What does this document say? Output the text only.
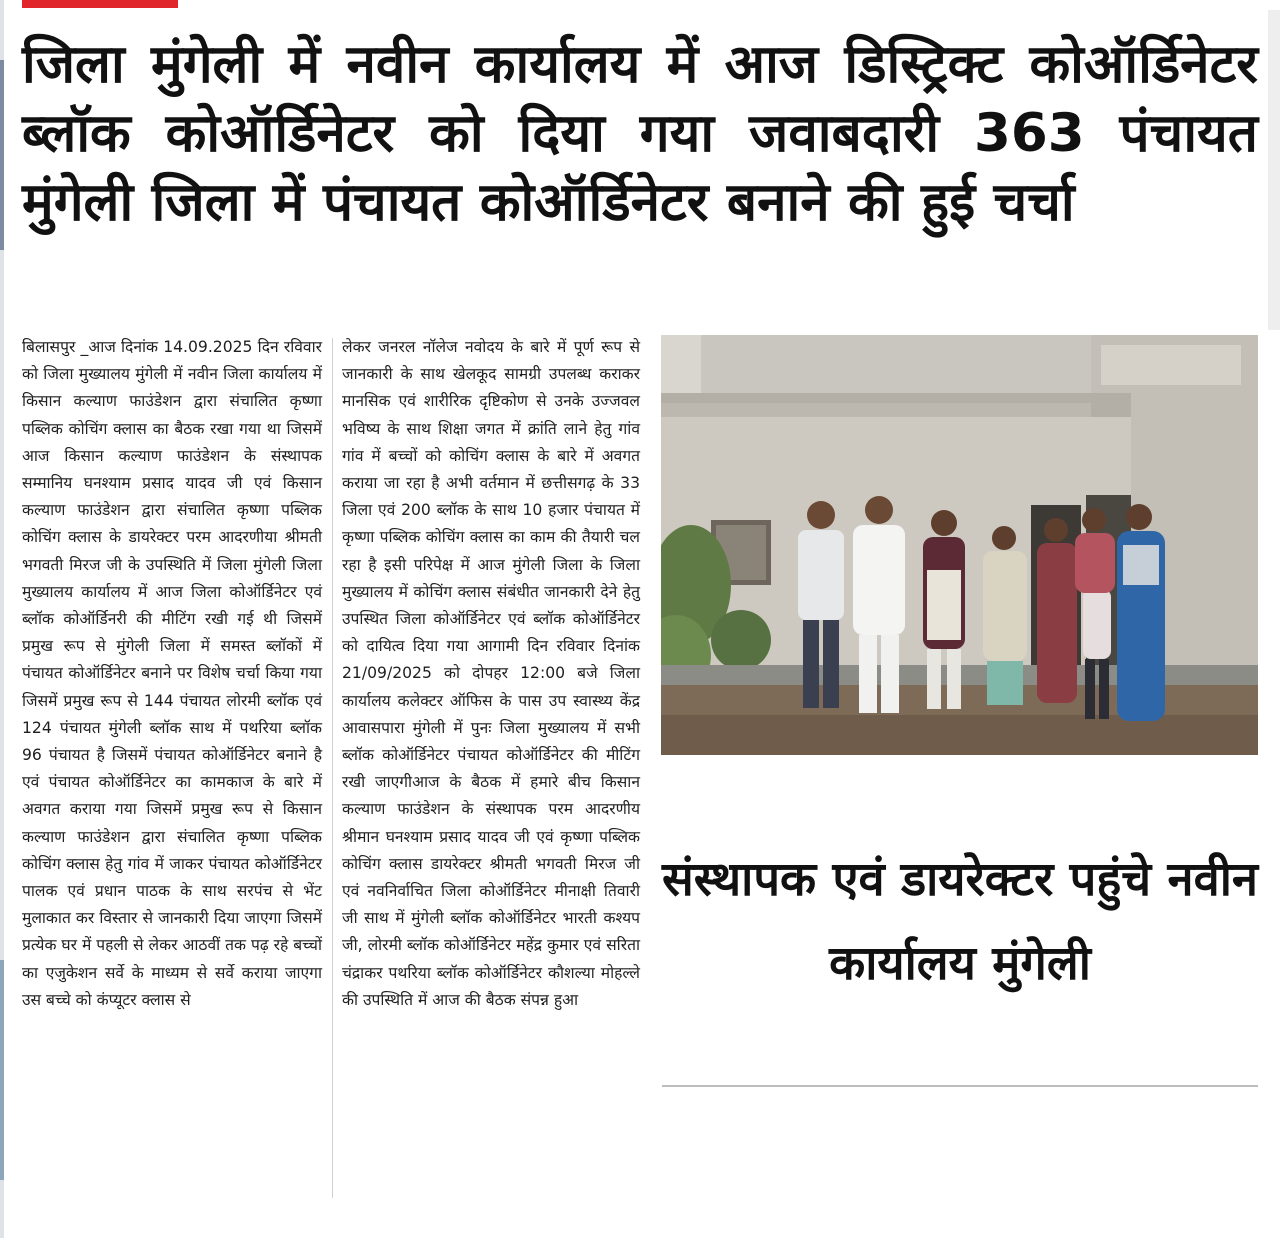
जिला मुंगेली में नवीन कार्यालय में आज डिस्ट्रिक्ट कोऑर्डिनेटर ब्लॉक कोऑर्डिनेटर को दिया गया जवाबदारी 363 पंचायत मुंगेली जिला में पंचायत कोऑर्डिनेटर बनाने की हुई चर्चा

बिलासपुर _आज दिनांक 14.09.2025 दिन रविवार को जिला मुख्यालय मुंगेली में नवीन जिला कार्यालय में किसान कल्याण फाउंडेशन द्वारा संचालित कृष्णा पब्लिक कोचिंग क्लास का बैठक रखा गया था जिसमें आज किसान कल्याण फाउंडेशन के संस्थापक सम्मानिय घनश्याम प्रसाद यादव जी एवं किसान कल्याण फाउंडेशन द्वारा संचालित कृष्णा पब्लिक कोचिंग क्लास के डायरेक्टर परम आदरणीया श्रीमती भगवती मिरज जी के उपस्थिति में जिला मुंगेली जिला मुख्यालय कार्यालय में आज जिला कोऑर्डिनेटर एवं ब्लॉक कोऑर्डिनरी की मीटिंग रखी गई थी जिसमें प्रमुख रूप से मुंगेली जिला में समस्त ब्लॉकों में पंचायत कोऑर्डिनेटर बनाने पर विशेष चर्चा किया गया जिसमें प्रमुख रूप से 144 पंचायत लोरमी ब्लॉक एवं 124 पंचायत मुंगेली ब्लॉक साथ में पथरिया ब्लॉक 96 पंचायत है जिसमें पंचायत कोऑर्डिनेटर बनाने है एवं पंचायत कोऑर्डिनेटर का कामकाज के बारे में अवगत कराया गया जिसमें प्रमुख रूप से किसान कल्याण फाउंडेशन द्वारा संचालित कृष्णा पब्लिक कोचिंग क्लास हेतु गांव में जाकर पंचायत कोऑर्डिनेटर पालक एवं प्रधान पाठक के साथ सरपंच से भेंट मुलाकात कर विस्तार से जानकारी दिया जाएगा जिसमें प्रत्येक घर में पहली से लेकर आठवीं तक पढ़ रहे बच्चों का एजुकेशन सर्वे के माध्यम से सर्वे कराया जाएगा उस बच्चे को कंप्यूटर क्लास से

लेकर जनरल नॉलेज नवोदय के बारे में पूर्ण रूप से जानकारी के साथ खेलकूद सामग्री उपलब्ध कराकर मानसिक एवं शारीरिक दृष्टिकोण से उनके उज्जवल भविष्य के साथ शिक्षा जगत में क्रांति लाने हेतु गांव गांव में बच्चों को कोचिंग क्लास के बारे में अवगत कराया जा रहा है अभी वर्तमान में छत्तीसगढ़ के 33 जिला एवं 200 ब्लॉक के साथ 10 हजार पंचायत में कृष्णा पब्लिक कोचिंग क्लास का काम की तैयारी चल रहा है इसी परिपेक्ष में आज मुंगेली जिला के जिला मुख्यालय में कोचिंग क्लास संबंधीत जानकारी देने हेतु उपस्थित जिला कोऑर्डिनेटर एवं ब्लॉक कोऑर्डिनेटर को दायित्व दिया गया आगामी दिन रविवार दिनांक 21/09/2025 को दोपहर 12:00 बजे जिला कार्यालय कलेक्टर ऑफिस के पास उप स्वास्थ्य केंद्र आवासपारा मुंगेली में पुनः जिला मुख्यालय में सभी ब्लॉक कोऑर्डिनेटर पंचायत कोऑर्डिनेटर की मीटिंग रखी जाएगीआज के बैठक में हमारे बीच किसान कल्याण फाउंडेशन के संस्थापक परम आदरणीय श्रीमान घनश्याम प्रसाद यादव जी एवं कृष्णा पब्लिक कोचिंग क्लास डायरेक्टर श्रीमती भगवती मिरज जी एवं नवनिर्वाचित जिला कोऑर्डिनेटर मीनाक्षी तिवारी जी साथ में मुंगेली ब्लॉक कोऑर्डिनेटर भारती कश्यप जी, लोरमी ब्लॉक कोऑर्डिनेटर महेंद्र कुमार एवं सरिता चंद्राकर पथरिया ब्लॉक कोऑर्डिनेटर कौशल्या मोहल्ले की उपस्थिति में आज की बैठक संपन्न हुआ

संस्थापक एवं डायरेक्टर पहुंचे नवीन कार्यालय मुंगेली
